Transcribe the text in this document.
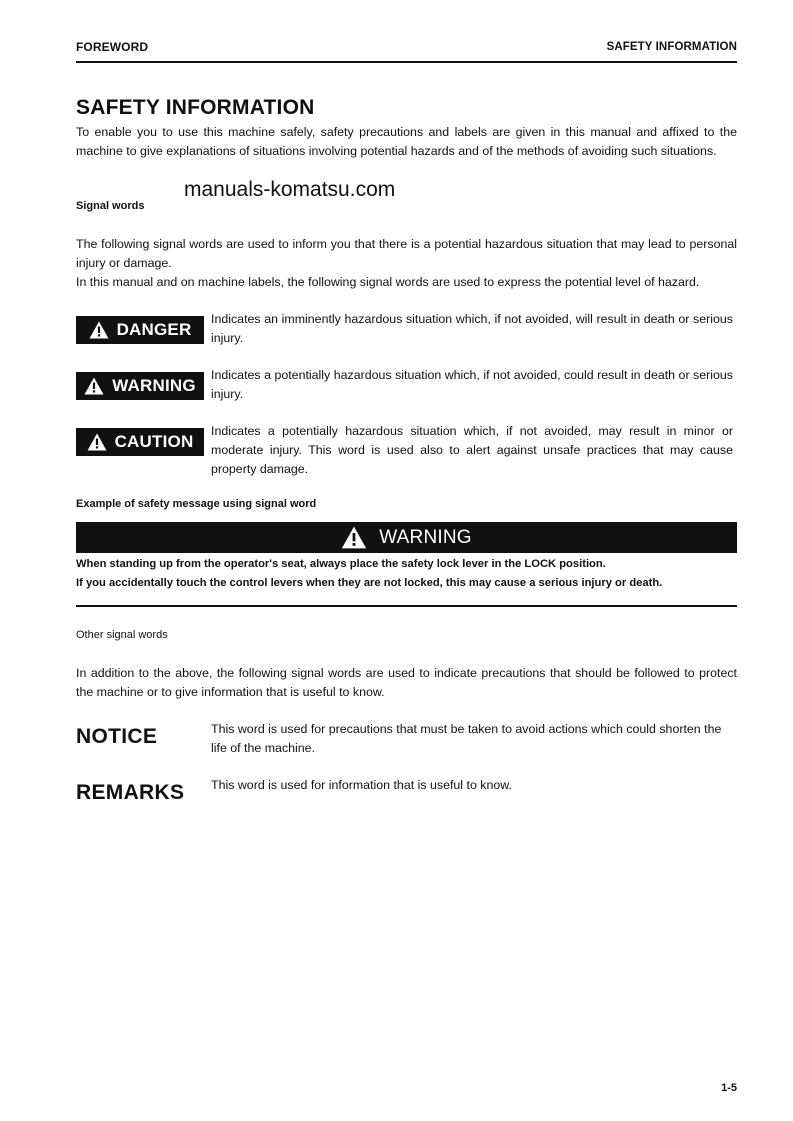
FOREWORD	SAFETY INFORMATION
SAFETY INFORMATION
To enable you to use this machine safely, safety precautions and labels are given in this manual and affixed to the machine to give explanations of situations involving potential hazards and of the methods of avoiding such situations.
manuals-komatsu.com
Signal words
The following signal words are used to inform you that there is a potential hazardous situation that may lead to personal injury or damage.
In this manual and on machine labels, the following signal words are used to express the potential level of hazard.
DANGER
Indicates an imminently hazardous situation which, if not avoided, will result in death or serious injury.
WARNING
Indicates a potentially hazardous situation which, if not avoided, could result in death or serious injury.
CAUTION
Indicates a potentially hazardous situation which, if not avoided, may result in minor or moderate injury. This word is used also to alert against unsafe practices that may cause property damage.
Example of safety message using signal word
WARNING
When standing up from the operator's seat, always place the safety lock lever in the LOCK position.
If you accidentally touch the control levers when they are not locked, this may cause a serious injury or death.
Other signal words
In addition to the above, the following signal words are used to indicate precautions that should be followed to protect the machine or to give information that is useful to know.
NOTICE	This word is used for precautions that must be taken to avoid actions which could shorten the life of the machine.
REMARKS This word is used for information that is useful to know.
1-5
